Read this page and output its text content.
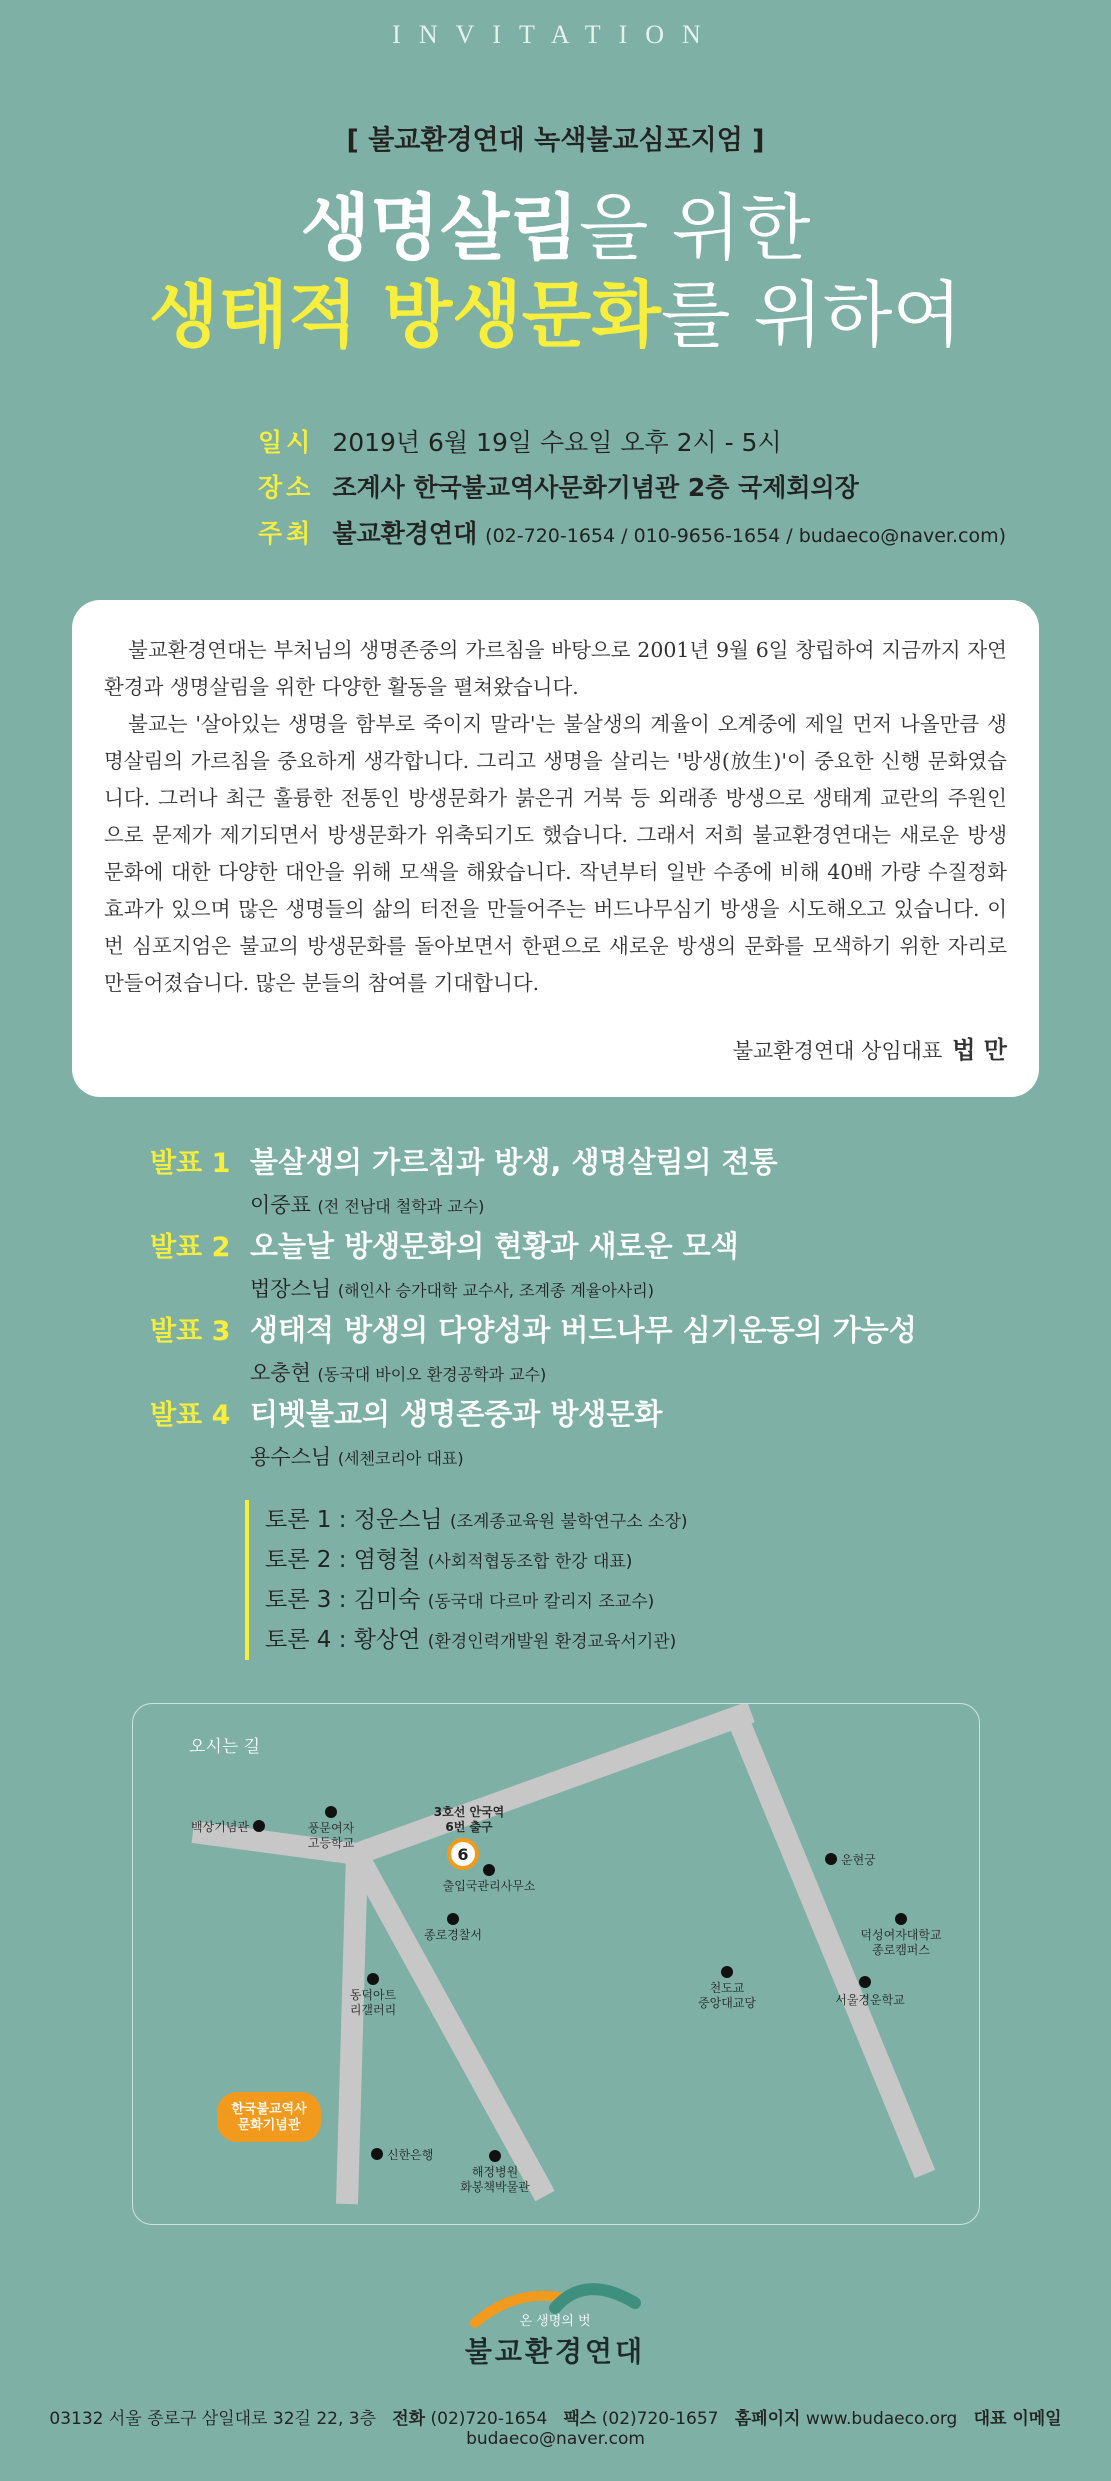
INVITATION
[ 불교환경연대 녹색불교심포지엄 ]
생명살림을 위한
생태적 방생문화를 위하여
일시 2019년 6월 19일 수요일 오후 2시 - 5시
장소 조계사 한국불교역사문화기념관 2층 국제회의장
주최 불교환경연대 (02-720-1654 / 010-9656-1654 / budaeco@naver.com)

불교환경연대는 부처님의 생명존중의 가르침을 바탕으로 2001년 9월 6일 창립하여 지금까지 자연환경과 생명살림을 위한 다양한 활동을 펼쳐왔습니다.

불교는 '살아있는 생명을 함부로 죽이지 말라'는 불살생의 계율이 오계중에 제일 먼저 나올만큼 생명살림의 가르침을 중요하게 생각합니다. 그리고 생명을 살리는 '방생(放生)'이 중요한 신행 문화였습니다. 그러나 최근 훌륭한 전통인 방생문화가 붉은귀 거북 등 외래종 방생으로 생태계 교란의 주원인으로 문제가 제기되면서 방생문화가 위축되기도 했습니다. 그래서 저희 불교환경연대는 새로운 방생문화에 대한 다양한 대안을 위해 모색을 해왔습니다. 작년부터 일반 수종에 비해 40배 가량 수질정화효과가 있으며 많은 생명들의 삶의 터전을 만들어주는 버드나무심기 방생을 시도해오고 있습니다. 이번 심포지엄은 불교의 방생문화를 돌아보면서 한편으로 새로운 방생의 문화를 모색하기 위한 자리로 만들어졌습니다. 많은 분들의 참여를 기대합니다.

불교환경연대 상임대표 법 만
발표 1 불살생의 가르침과 방생, 생명살림의 전통
이중표 (전 전남대 철학과 교수)
발표 2 오늘날 방생문화의 현황과 새로운 모색
법장스님 (해인사 승가대학 교수사, 조계종 계율아사리)
발표 3 생태적 방생의 다양성과 버드나무 심기운동의 가능성
오충현 (동국대 바이오 환경공학과 교수)
발표 4 티벳불교의 생명존중과 방생문화
용수스님 (세첸코리아 대표)
토론 1 : 정운스님 (조계종교육원 불학연구소 소장)
토론 2 : 염형철 (사회적협동조합 한강 대표)
토론 3 : 김미숙 (동국대 다르마 칼리지 조교수)
토론 4 : 황상연 (환경인력개발원 환경교육서기관)
오시는 길
풍문여자 고등학교
백상기념관
출입국관리사무소
운현궁
종로경찰서	덕성여자대학교 종로캠퍼스
동덕아트 리갤러리
천도교 중앙대교당	서울경운학교
신한은행
해정병원 화봉책박물관
3호선 안국역 6번 출구
6
한국불교역사 문화기념관
온 생명의 벗
불교환경연대
03132 서울 종로구 삼일대로 32길 22, 3층 전화 (02)720-1654 팩스 (02)720-1657 홈페이지 www.budaeco.org 대표 이메일 budaeco@naver.com
